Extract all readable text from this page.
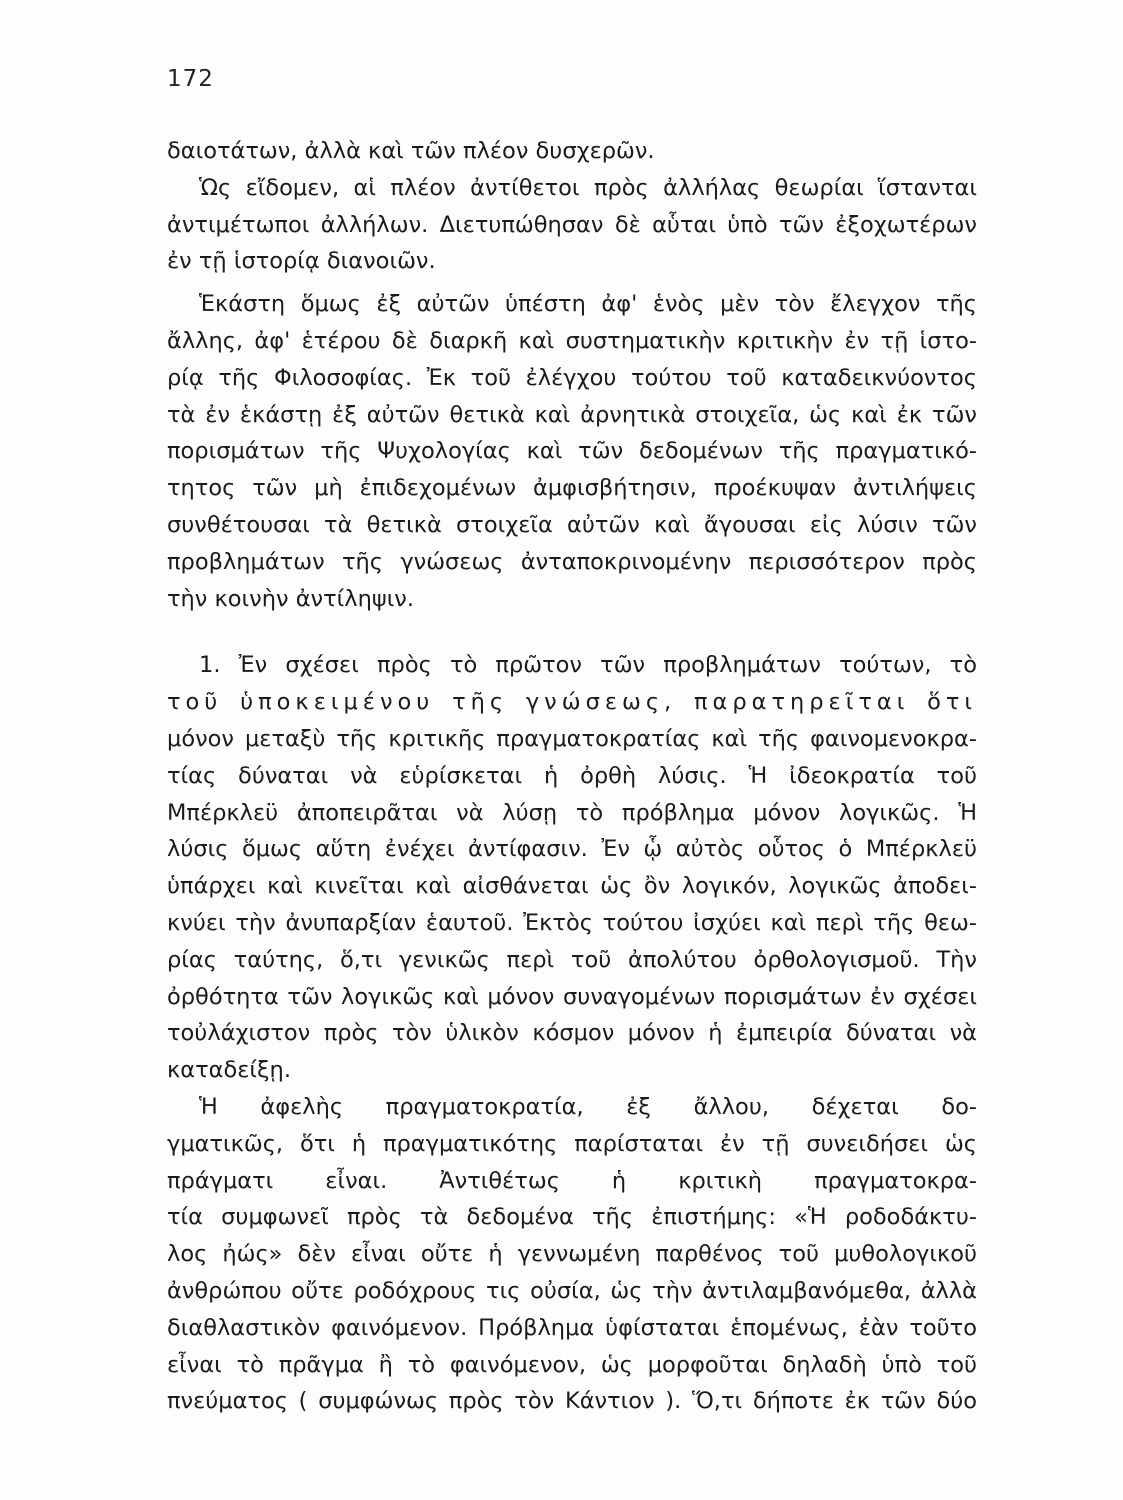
172
δαιοτάτων, ἀλλὰ καὶ τῶν πλέον δυσχερῶν.
Ὡς εἴδομεν, αἱ πλέον ἀντίθετοι πρὸς ἀλλήλας θεωρίαι ἵστανται
ἀντιμέτωποι ἀλλήλων. Διετυπώθησαν δὲ αὗται ὑπὸ τῶν ἐξοχωτέρων
ἐν τῇ ἱστορίᾳ διανοιῶν.
Ἑκάστη ὅμως ἐξ αὐτῶν ὑπέστη ἀφ' ἑνὸς μὲν τὸν ἔλεγχον τῆς
ἄλλης, ἀφ' ἑτέρου δὲ διαρκῆ καὶ συστηματικὴν κριτικὴν ἐν τῇ ἱστο-
ρίᾳ τῆς Φιλοσοφίας. Ἐκ τοῦ ἐλέγχου τούτου τοῦ καταδεικνύοντος
τὰ ἐν ἑκάστῃ ἐξ αὐτῶν θετικὰ καὶ ἀρνητικὰ στοιχεῖα, ὡς καὶ ἐκ τῶν
πορισμάτων τῆς Ψυχολογίας καὶ τῶν δεδομένων τῆς πραγματικό-
τητος τῶν μὴ ἐπιδεχομένων ἀμφισβήτησιν, προέκυψαν ἀντιλήψεις
συνθέτουσαι τὰ θετικὰ στοιχεῖα αὐτῶν καὶ ἄγουσαι εἰς λύσιν τῶν
προβλημάτων τῆς γνώσεως ἀνταποκρινομένην περισσότερον πρὸς
τὴν κοινὴν ἀντίληψιν.
1. Ἐν σχέσει πρὸς τὸ πρῶτον τῶν προβλημάτων τούτων, τὸ
τοῦ ὑποκειμένου τῆς γνώσεως, παρατηρεῖται ὅτι
μόνον μεταξὺ τῆς κριτικῆς πραγματοκρατίας καὶ τῆς φαινομενοκρα-
τίας δύναται νὰ εὑρίσκεται ἡ ὀρθὴ λύσις. Ἡ ἰδεοκρατία τοῦ
Μπέρκλεϋ ἀποπειρᾶται νὰ λύσῃ τὸ πρόβλημα μόνον λογικῶς. Ἡ
λύσις ὅμως αὕτη ἐνέχει ἀντίφασιν. Ἐν ᾧ αὐτὸς οὗτος ὁ Μπέρκλεϋ
ὑπάρχει καὶ κινεῖται καὶ αἰσθάνεται ὡς ὂν λογικόν, λογικῶς ἀποδει-
κνύει τὴν ἀνυπαρξίαν ἑαυτοῦ. Ἐκτὸς τούτου ἰσχύει καὶ περὶ τῆς θεω-
ρίας ταύτης, ὅ,τι γενικῶς περὶ τοῦ ἀπολύτου ὀρθολογισμοῦ. Τὴν
ὀρθότητα τῶν λογικῶς καὶ μόνον συναγομένων πορισμάτων ἐν σχέσει
τοὐλάχιστον πρὸς τὸν ὑλικὸν κόσμον μόνον ἡ ἐμπειρία δύναται νὰ
καταδείξῃ.
Ἡ ἀφελὴς πραγματοκρατία, ἐξ ἄλλου, δέχεται δο-
γματικῶς, ὅτι ἡ πραγματικότης παρίσταται ἐν τῇ συνειδήσει ὡς
πράγματι εἶναι. Ἀντιθέτως ἡ κριτικὴ πραγματοκρα-
τία συμφωνεῖ πρὸς τὰ δεδομένα τῆς ἐπιστήμης: «Ἡ ροδοδάκτυ-
λος ἠώς» δὲν εἶναι οὔτε ἡ γεννωμένη παρθένος τοῦ μυθολογικοῦ
ἀνθρώπου οὔτε ροδόχρους τις οὐσία, ὡς τὴν ἀντιλαμβανόμεθα, ἀλλὰ
διαθλαστικὸν φαινόμενον. Πρόβλημα ὑφίσταται ἑπομένως, ἐὰν τοῦτο
εἶναι τὸ πρᾶγμα ἢ τὸ φαινόμενον, ὡς μορφοῦται δηλαδὴ ὑπὸ τοῦ
πνεύματος ( συμφώνως πρὸς τὸν Κάντιον ). Ὅ,τι δήποτε ἐκ τῶν δύο
